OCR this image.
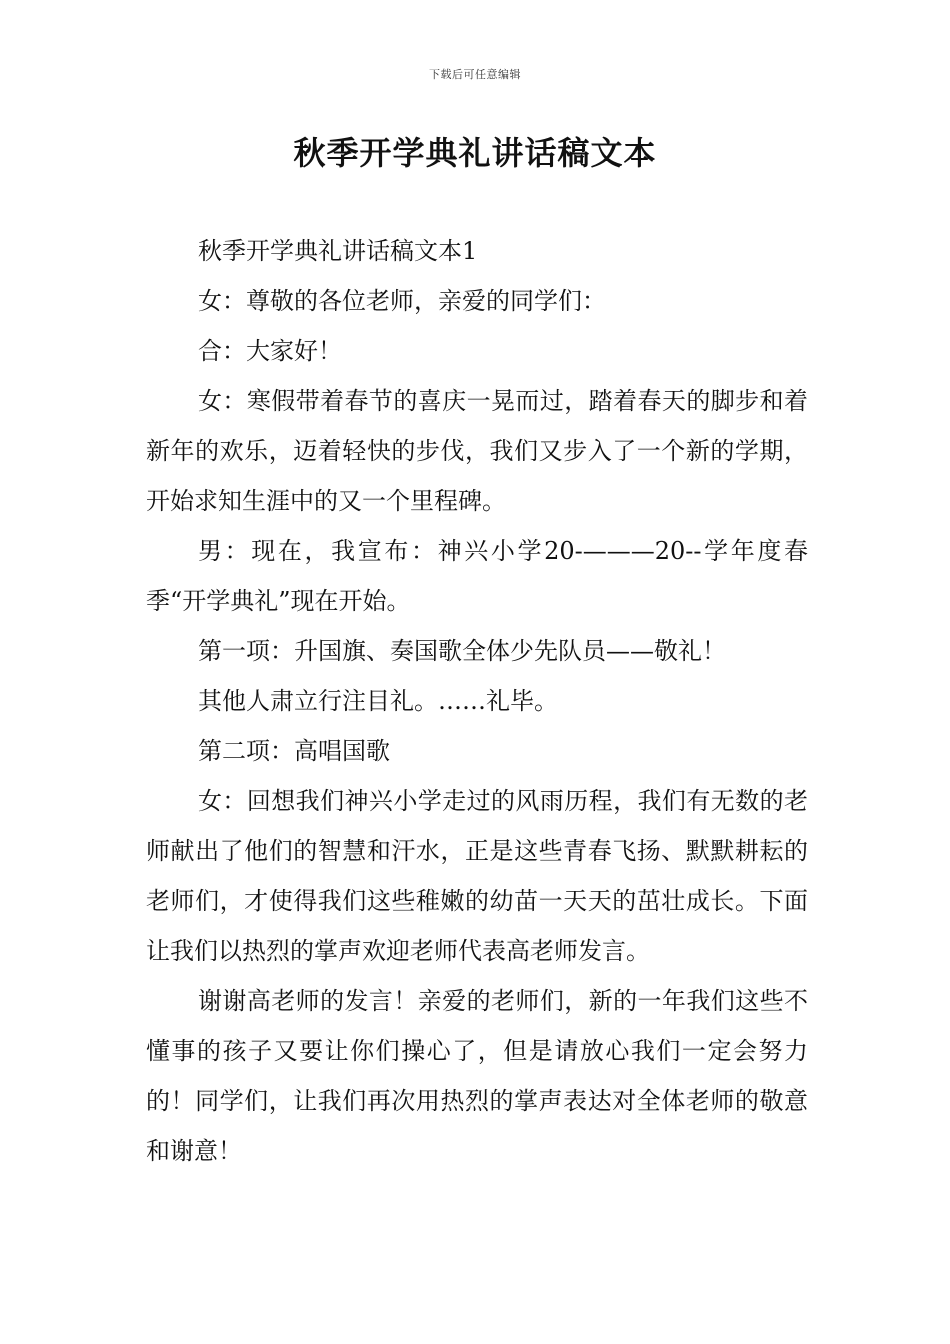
下载后可任意编辑
秋季开学典礼讲话稿文本

秋季开学典礼讲话稿文本1

女：尊敬的各位老师，亲爱的同学们：

合：大家好！

女：寒假带着春节的喜庆一晃而过，踏着春天的脚步和着新年的欢乐，迈着轻快的步伐，我们又步入了一个新的学期，开始求知生涯中的又一个里程碑。

男：现在，我宣布：神兴小学20-———20--学年度春季“开学典礼”现在开始。

第一项：升国旗、奏国歌全体少先队员——敬礼！

其他人肃立行注目礼。……礼毕。

第二项：高唱国歌

女：回想我们神兴小学走过的风雨历程，我们有无数的老师献出了他们的智慧和汗水，正是这些青春飞扬、默默耕耘的老师们，才使得我们这些稚嫩的幼苗一天天的茁壮成长。下面让我们以热烈的掌声欢迎老师代表高老师发言。

谢谢高老师的发言！亲爱的老师们，新的一年我们这些不懂事的孩子又要让你们操心了，但是请放心我们一定会努力的！同学们，让我们再次用热烈的掌声表达对全体老师的敬意和谢意！
